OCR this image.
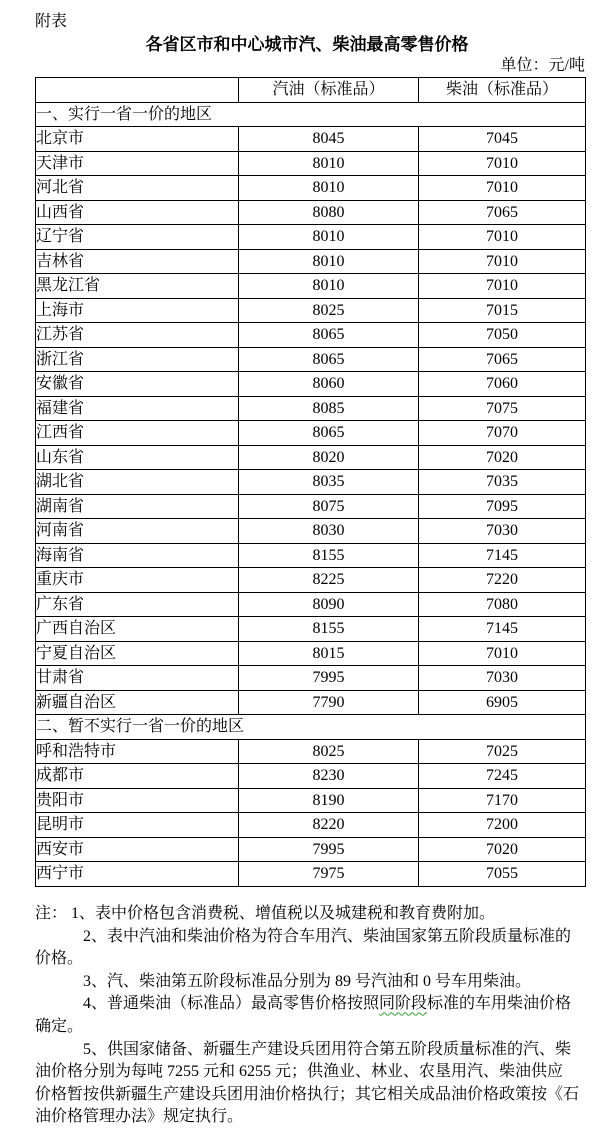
附表
各省区市和中心城市汽、柴油最高零售价格
单位：元/吨
	汽油（标准品）	柴油（标准品）
一、实行一省一价的地区		
北京市	8045	7045
天津市	8010	7010
河北省	8010	7010
山西省	8080	7065
辽宁省	8010	7010
吉林省	8010	7010
黑龙江省	8010	7010
上海市	8025	7015
江苏省	8065	7050
浙江省	8065	7065
安徽省	8060	7060
福建省	8085	7075
江西省	8065	7070
山东省	8020	7020
湖北省	8035	7035
湖南省	8075	7095
河南省	8030	7030
海南省	8155	7145
重庆市	8225	7220
广东省	8090	7080
广西自治区	8155	7145
宁夏自治区	8015	7010
甘肃省	7995	7030
新疆自治区	7790	6905
二、暂不实行一省一价的地区		
呼和浩特市	8025	7025
成都市	8230	7245
贵阳市	8190	7170
昆明市	8220	7200
西安市	7995	7020
西宁市	7975	7055
注： 1、表中价格包含消费税、增值税以及城建税和教育费附加。
2、表中汽油和柴油价格为符合车用汽、柴油国家第五阶段质量标准的
价格。
3、汽、柴油第五阶段标准品分别为 89 号汽油和 0 号车用柴油。
4、普通柴油（标准品）最高零售价格按照同阶段标准的车用柴油价格
确定。
5、供国家储备、新疆生产建设兵团用符合第五阶段质量标准的汽、柴
油价格分别为每吨 7255 元和 6255 元；供渔业、林业、农垦用汽、柴油供应
价格暂按供新疆生产建设兵团用油价格执行；其它相关成品油价格政策按《石
油价格管理办法》规定执行。
